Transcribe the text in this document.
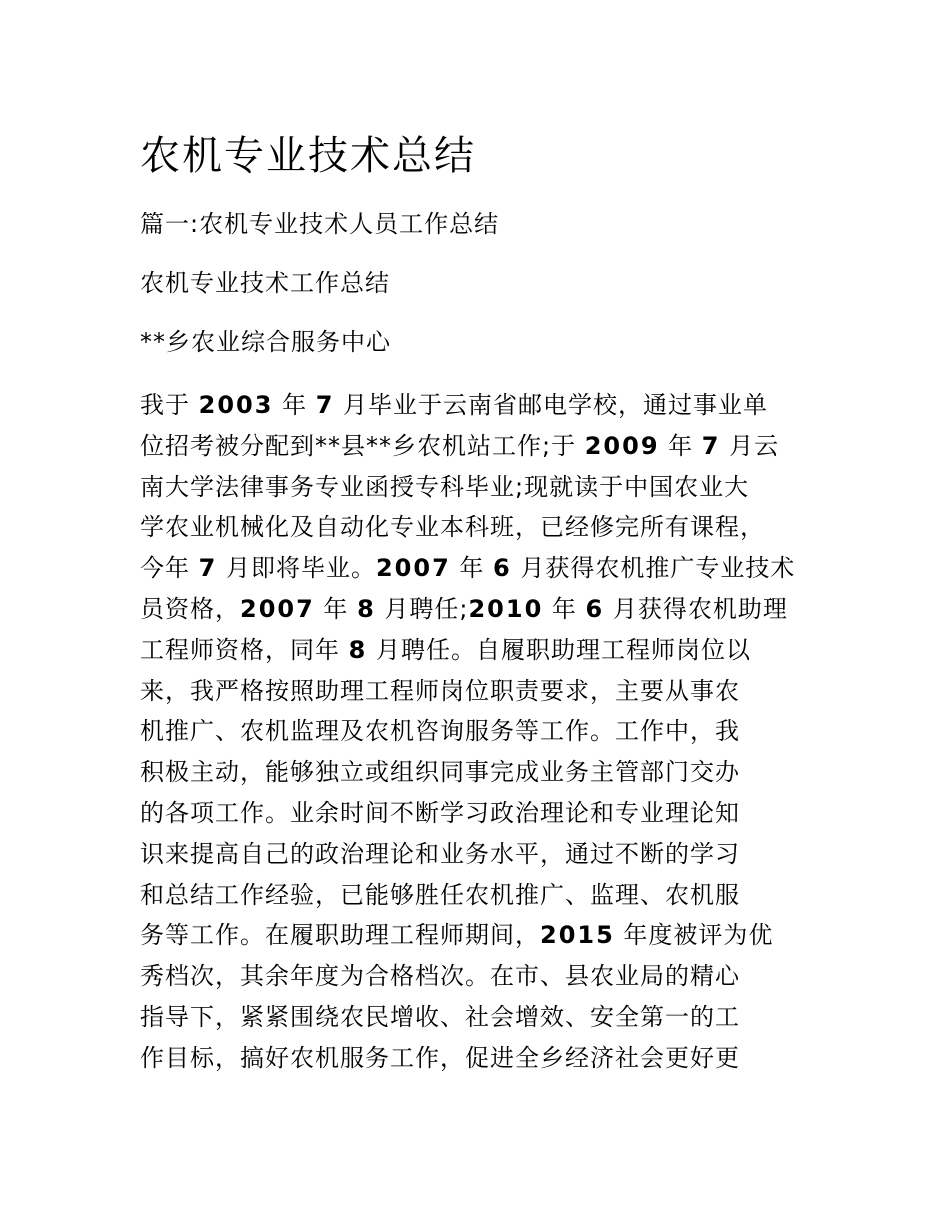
农机专业技术总结
篇一:农机专业技术人员工作总结
农机专业技术工作总结
**乡农业综合服务中心
我于 2003 年 7 月毕业于云南省邮电学校，通过事业单
位招考被分配到**县**乡农机站工作;于 2009 年 7 月云
南大学法律事务专业函授专科毕业;现就读于中国农业大
学农业机械化及自动化专业本科班，已经修完所有课程，
今年 7 月即将毕业。2007 年 6 月获得农机推广专业技术
员资格，2007 年 8 月聘任;2010 年 6 月获得农机助理
工程师资格，同年 8 月聘任。自履职助理工程师岗位以
来，我严格按照助理工程师岗位职责要求，主要从事农
机推广、农机监理及农机咨询服务等工作。工作中，我
积极主动，能够独立或组织同事完成业务主管部门交办
的各项工作。业余时间不断学习政治理论和专业理论知
识来提高自己的政治理论和业务水平，通过不断的学习
和总结工作经验，已能够胜任农机推广、监理、农机服
务等工作。在履职助理工程师期间，2015 年度被评为优
秀档次，其余年度为合格档次。在市、县农业局的精心
指导下，紧紧围绕农民增收、社会增效、安全第一的工
作目标，搞好农机服务工作，促进全乡经济社会更好更
